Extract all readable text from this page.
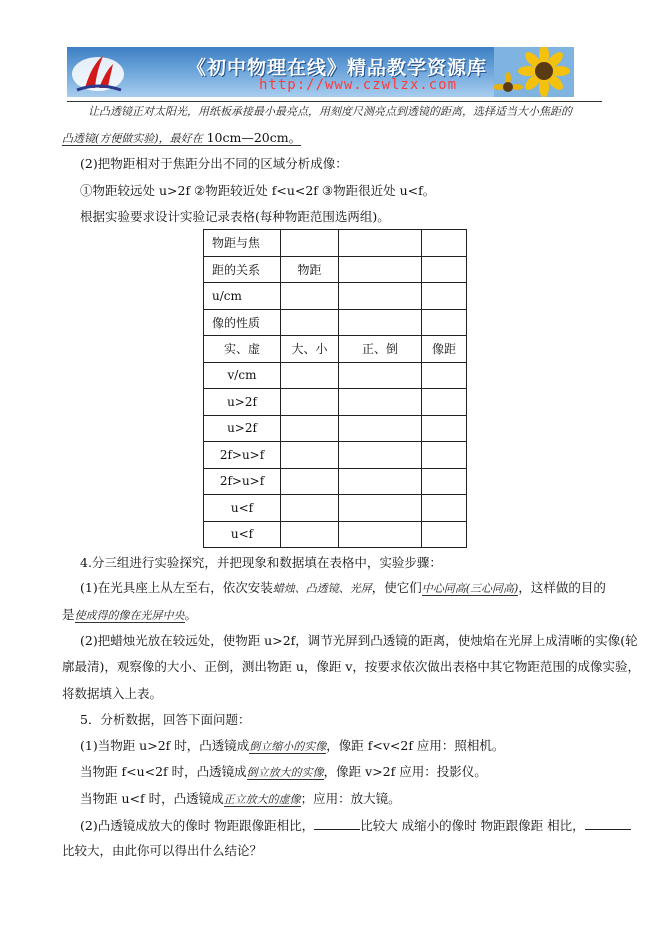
《初中物理在线》精品教学资源库
http://www.czwlzx.com
让凸透镜正对太阳光，用纸板承接最小最亮点，用刻度尺测亮点到透镜的距离，选择适当大小焦距的
凸透镜(方便做实验)，最好在 10cm—20cm。
(2)把物距相对于焦距分出不同的区域分析成像：
①物距较远处 u>2f ②物距较近处 f<u<2f ③物距很近处 u<f。
根据实验要求设计实验记录表格(每种物距范围选两组)。
物距与焦			
距的关系	物距		
u/cm			
像的性质			
实、虚	大、小	正、倒	像距
v/cm			
u>2f			
u>2f			
2f>u>f			
2f>u>f			
u<f			
u<f			
4.分三组进行实验探究，并把现象和数据填在表格中，实验步骤：
(1)在光具座上从左至右，依次安装蜡烛、凸透镜、光屏，使它们中心同高(三心同高)，这样做的目的
是使成得的像在光屏中央。
(2)把蜡烛光放在较远处，使物距 u>2f，调节光屏到凸透镜的距离，使烛焰在光屏上成清晰的实像(轮
廓最清)，观察像的大小、正倒，测出物距 u，像距 v，按要求依次做出表格中其它物距范围的成像实验，
将数据填入上表。
5．分析数据，回答下面问题：
(1)当物距 u>2f 时，凸透镜成倒立缩小的实像，像距 f<v<2f 应用：照相机。
当物距 f<u<2f 时，凸透镜成倒立放大的实像，像距 v>2f 应用：投影仪。
当物距 u<f 时，凸透镜成正立放大的虚像；应用：放大镜。
(2)凸透镜成放大的像时 物距跟像距相比，	比较大 成缩小的像时 物距跟像距 相比，
比较大，由此你可以得出什么结论？
